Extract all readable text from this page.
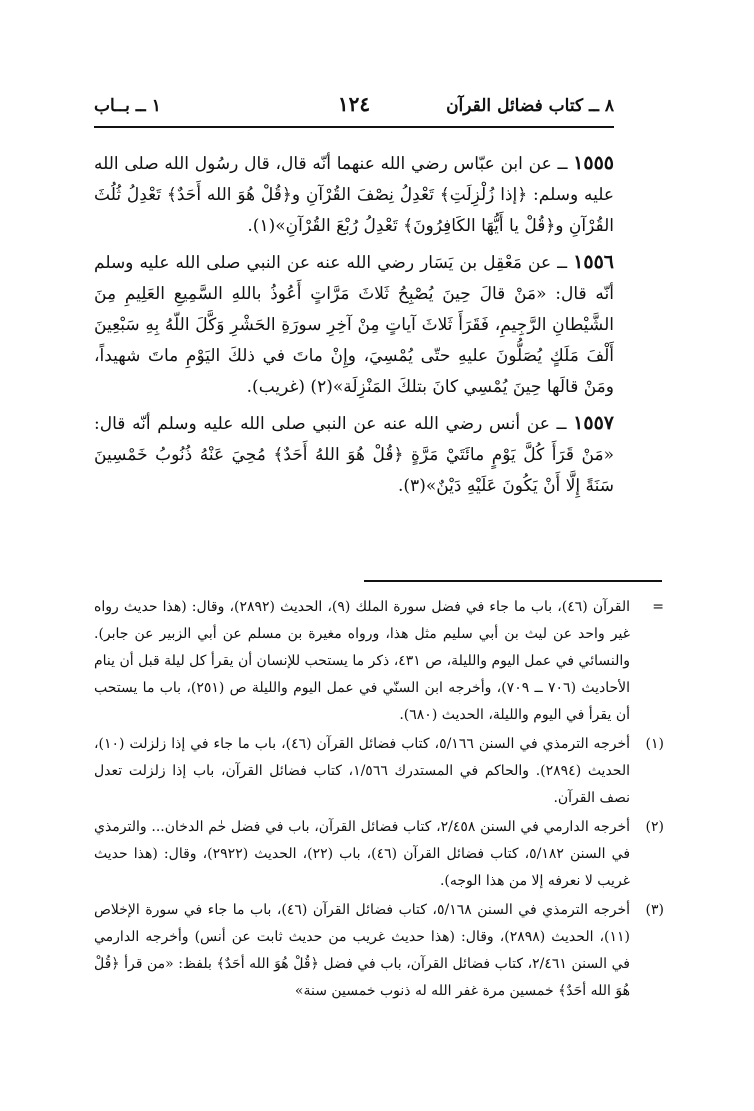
٨ ــ كتاب فضائل القرآن
١٢٤
١ ــ بــاب

١٥٥٥ ــ عن ابن عبّاس رضي الله عنهما أنّه قال، قال رسُول الله صلى الله عليه وسلم: ﴿إذا زُلْزِلَتِ﴾ تَعْدِلُ نِصْفَ القُرْآنِ و﴿قُلْ هُوَ الله أَحَدٌ﴾ تَعْدِلُ ثُلُثَ القُرْآنِ و﴿قُلْ يا أَيُّهَا الكَافِرُونَ﴾ تَعْدِلُ رُبْعَ القُرْآنِ»(١).

١٥٥٦ ــ عن مَعْقِل بن يَسَار رضي الله عنه عن النبي صلى الله عليه وسلم أنّه قال: «مَنْ قالَ حِينَ يُصْبِحُ ثَلاثَ مَرَّاتٍ أَعُوذُ باللهِ السَّمِيعِ العَلِيمِ مِنَ الشَّيْطانِ الرَّجِيمِ، فَقَرَأَ ثَلاثَ آياتٍ مِنْ آخِرِ سورَةِ الحَشْرِ وَكَّلَ اللّهُ بِهِ سَبْعِينَ أَلْفَ مَلَكٍ يُصَلُّونَ عليهِ حتّى يُمْسِيَ، وإِنْ ماتَ في ذلكَ اليَوْمِ ماتَ شهيداً، ومَنْ قالَها حِينَ يُمْسِي كانَ بتلكَ المَنْزِلَة»(٢) (غريب).

١٥٥٧ ــ عن أنس رضي الله عنه عن النبي صلى الله عليه وسلم أنّه قال: «مَنْ قَرَأَ كُلَّ يَوْمٍ مائَتَيْ مَرَّةٍ ﴿قُلْ هُوَ اللهُ أَحَدٌ﴾ مُحِيَ عَنْهُ ذُنُوبُ خَمْسِينَ سَنَةً إِلَّا أَنْ يَكُونَ عَلَيْهِ دَيْنٌ»(٣).

=
القرآن (٤٦)، باب ما جاء في فضل سورة الملك (٩)، الحديث (٢٨٩٢)، وقال: (هذا حديث رواه غير واحد عن ليث بن أبي سليم مثل هذا، ورواه مغيرة بن مسلم عن أبي الزبير عن جابر). والنسائي في عمل اليوم والليلة، ص ٤٣١، ذكر ما يستحب للإنسان أن يقرأ كل ليلة قبل أن ينام الأحاديث (٧٠٦ ــ ٧٠٩)، وأخرجه ابن السنّي في عمل اليوم والليلة ص (٢٥١)، باب ما يستحب أن يقرأ في اليوم والليلة، الحديث (٦٨٠).
(١)
أخرجه الترمذي في السنن ٥/١٦٦، كتاب فضائل القرآن (٤٦)، باب ما جاء في إذا زلزلت (١٠)، الحديث (٢٨٩٤). والحاكم في المستدرك ١/٥٦٦، كتاب فضائل القرآن، باب إذا زلزلت تعدل نصف القرآن.
(٢)
أخرجه الدارمي في السنن ٢/٤٥٨، كتاب فضائل القرآن، باب في فضل حٰم الدخان... والترمذي في السنن ٥/١٨٢، كتاب فضائل القرآن (٤٦)، باب (٢٢)، الحديث (٢٩٢٢)، وقال: (هذا حديث غريب لا نعرفه إلا من هذا الوجه).
(٣)
أخرجه الترمذي في السنن ٥/١٦٨، كتاب فضائل القرآن (٤٦)، باب ما جاء في سورة الإخلاص (١١)، الحديث (٢٨٩٨)، وقال: (هذا حديث غريب من حديث ثابت عن أنس) وأخرجه الدارمي في السنن ٢/٤٦١، كتاب فضائل القرآن، باب في فضل ﴿قُلْ هُوَ الله أحَدٌ﴾ بلفظ: «من قرأ ﴿قُلْ هُوَ الله أحَدٌ﴾ خمسين مرة غفر الله له ذنوب خمسين سنة»
